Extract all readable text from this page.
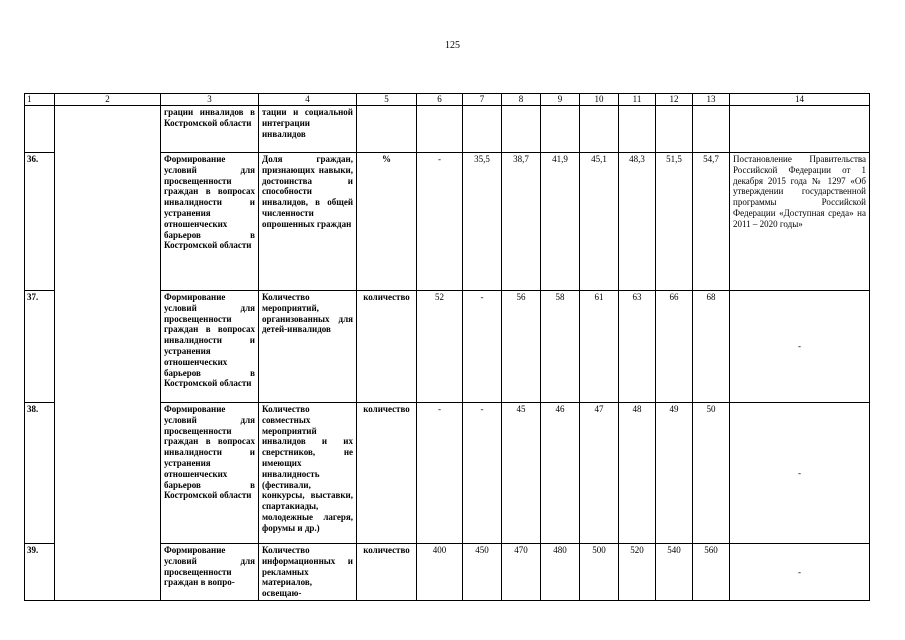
125
1	2	3	4	5	6	7	8	9	10	11	12	13	14
		грации инвалидов в Костромской области	тации и социальной интеграции инвалидов										
36.		Формирование условий для просвещенности граждан в вопросах инвалидности и устранения отношенческих барьеров в Костромской области	Доля граждан, признающих навыки, достоинства и способности инвалидов, в общей численности опрошенных граждан	%	-	35,5	38,7	41,9	45,1	48,3	51,5	54,7	Постановление Правительства Российской Федерации от 1 декабря 2015 года № 1297 «Об утверждении государственной программы Российской Федерации «Доступная среда» на 2011 – 2020 годы»
37.		Формирование условий для просвещенности граждан в вопросах инвалидности и устранения отношенческих барьеров в Костромской области	Количество мероприятий, организованных для детей-инвалидов	количество	52	-	56	58	61	63	66	68	-
38.		Формирование условий для просвещенности граждан в вопросах инвалидности и устранения отношенческих барьеров в Костромской области	Количество совместных мероприятий инвалидов и их сверстников, не имеющих инвалидность (фестивали, конкурсы, выставки, спартакиады, молодежные лагеря, форумы и др.)	количество	-	-	45	46	47	48	49	50	-
39.		Формирование условий для просвещенности граждан в вопро-	Количество информационных и рекламных материалов, освещаю-	количество	400	450	470	480	500	520	540	560	-
